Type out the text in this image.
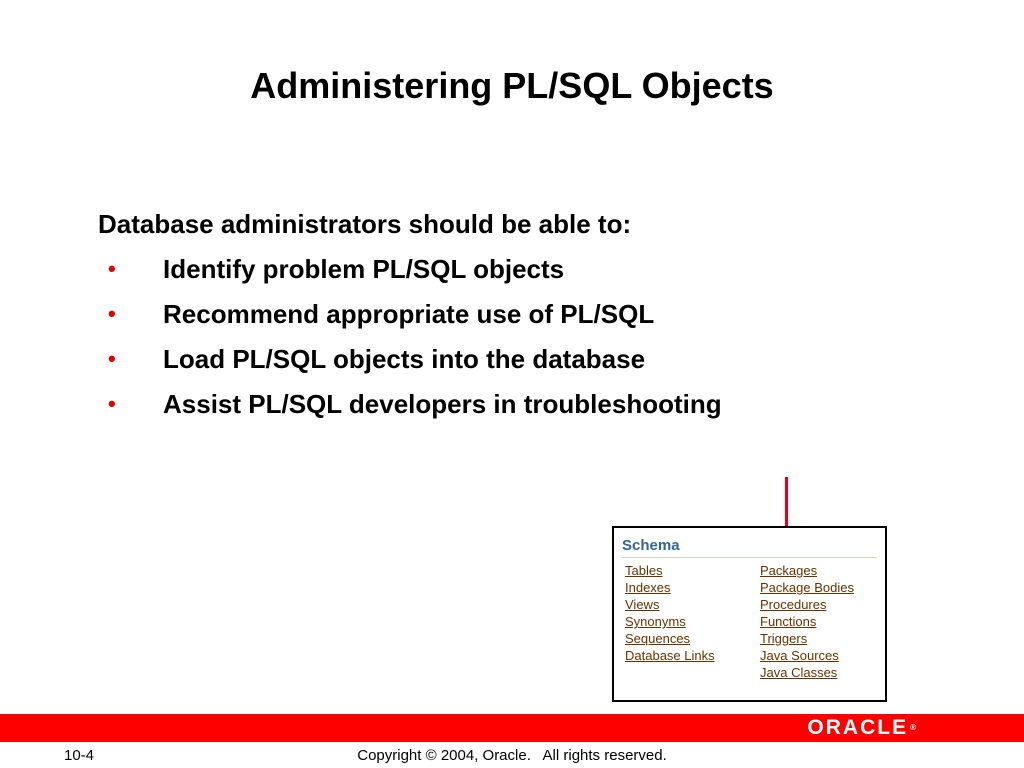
Administering PL/SQL Objects

Database administrators should be able to:

•	Identify problem PL/SQL objects
•	Recommend appropriate use of PL/SQL
•	Load PL/SQL objects into the database
•	Assist PL/SQL developers in troubleshooting
Schema
Tables
Indexes
Views
Synonyms
Sequences
Database Links
Packages
Package Bodies
Procedures
Functions
Triggers
Java Sources
Java Classes
ORACLE ®
10-4	Copyright © 2004, Oracle.   All rights reserved.
